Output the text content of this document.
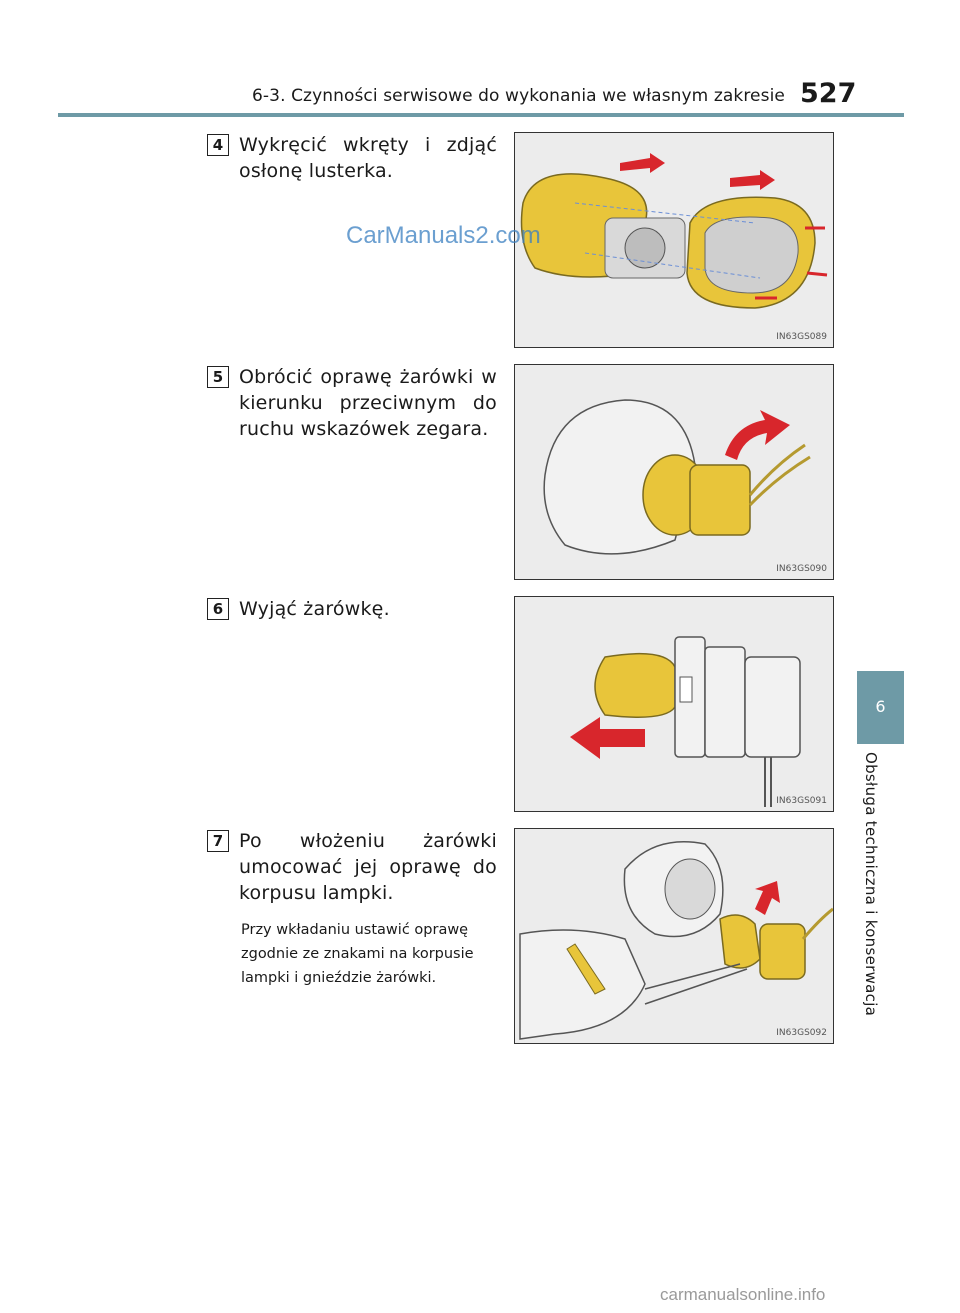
6-3. Czynności serwisowe do wykonania we własnym zakresie 527
6
Obsługa techniczna i konserwacja
4 Wykręcić wkręty i zdjąć osłonę lusterka.
IN63GS089
5 Obrócić oprawę żarówki w kierunku przeciwnym do ruchu wskazówek zegara.
IN63GS090
6 Wyjąć żarówkę.
IN63GS091
7 Po włożeniu żarówki umocować jej oprawę do korpusu lampki.
Przy wkładaniu ustawić oprawę zgodnie ze znakami na korpusie lampki i gnieździe żarówki.
IN63GS092
CarManuals2.com
carmanualsonline.info
